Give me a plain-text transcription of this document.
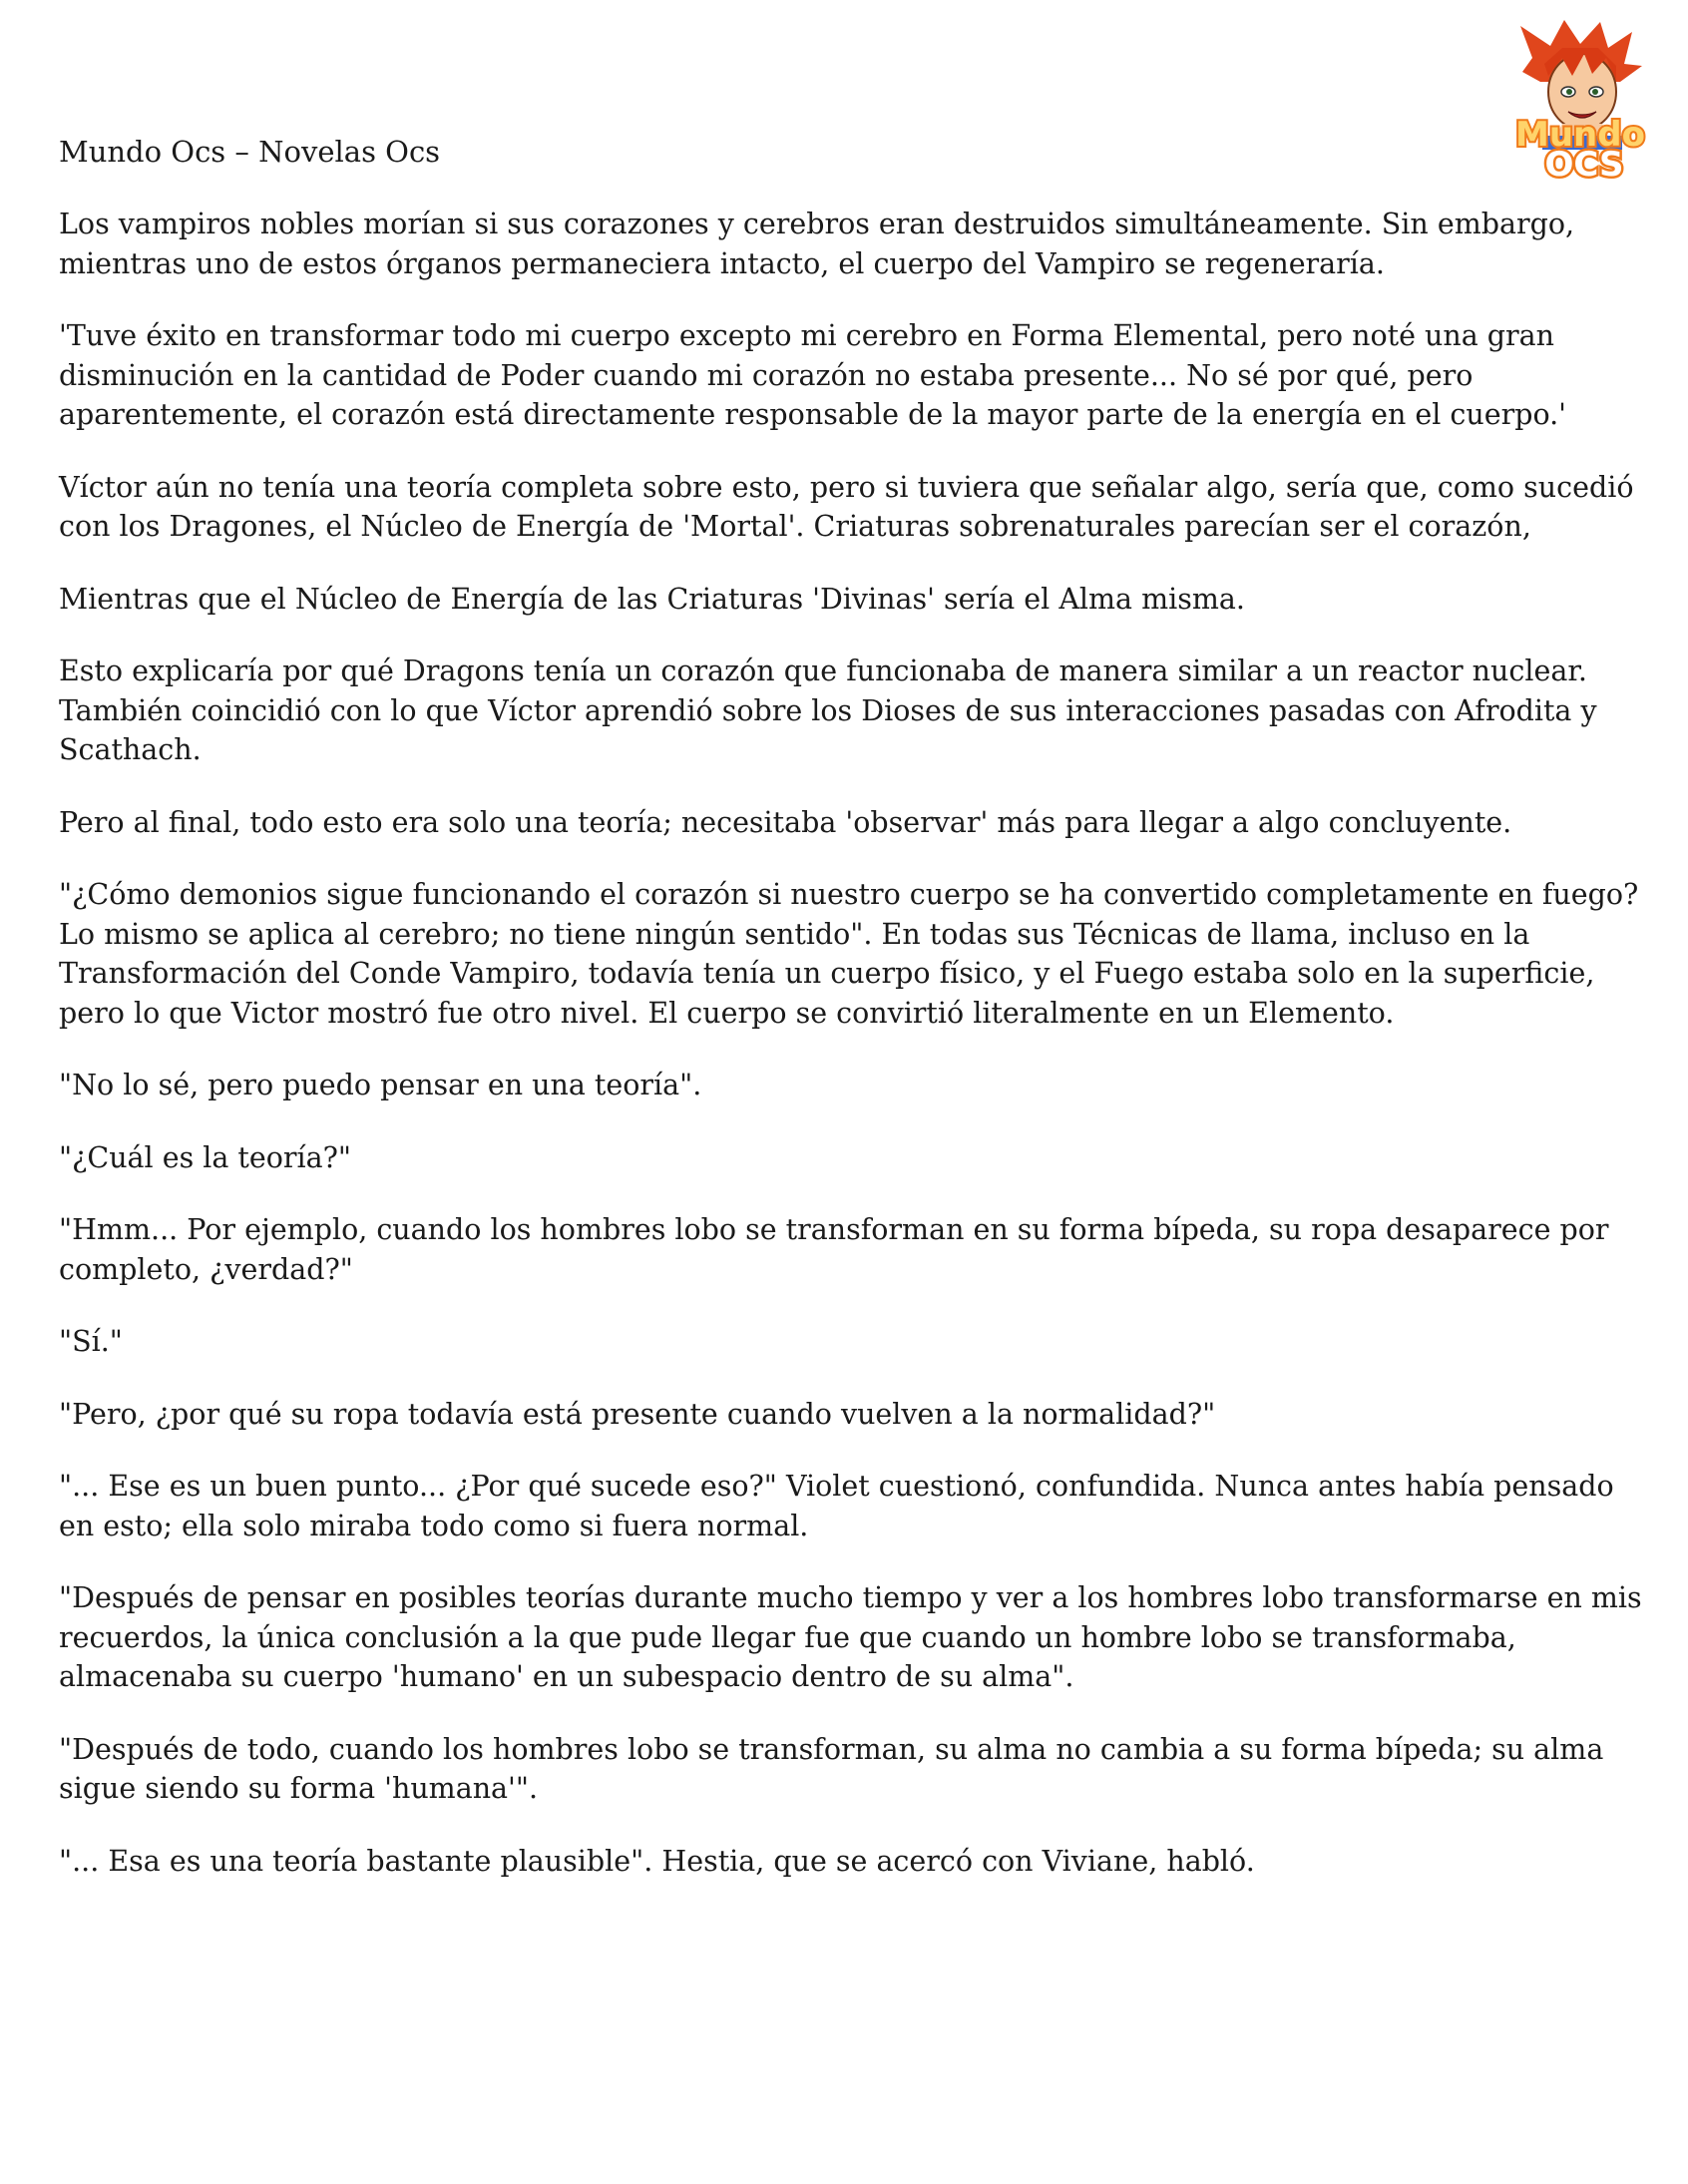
Mundo
OCS
Mundo Ocs – Novelas Ocs

Los vampiros nobles morían si sus corazones y cerebros eran destruidos simultáneamente. Sin embargo, mientras uno de estos órganos permaneciera intacto, el cuerpo del Vampiro se regeneraría.

'Tuve éxito en transformar todo mi cuerpo excepto mi cerebro en Forma Elemental, pero noté una gran disminución en la cantidad de Poder cuando mi corazón no estaba presente... No sé por qué, pero aparentemente, el corazón está directamente responsable de la mayor parte de la energía en el cuerpo.'

Víctor aún no tenía una teoría completa sobre esto, pero si tuviera que señalar algo, sería que, como sucedió con los Dragones, el Núcleo de Energía de 'Mortal'. Criaturas sobrenaturales parecían ser el corazón,

Mientras que el Núcleo de Energía de las Criaturas 'Divinas' sería el Alma misma.

Esto explicaría por qué Dragons tenía un corazón que funcionaba de manera similar a un reactor nuclear. También coincidió con lo que Víctor aprendió sobre los Dioses de sus interacciones pasadas con Afrodita y Scathach.

Pero al final, todo esto era solo una teoría; necesitaba 'observar' más para llegar a algo concluyente.

"¿Cómo demonios sigue funcionando el corazón si nuestro cuerpo se ha convertido completamente en fuego? Lo mismo se aplica al cerebro; no tiene ningún sentido". En todas sus Técnicas de llama, incluso en la Transformación del Conde Vampiro, todavía tenía un cuerpo físico, y el Fuego estaba solo en la superficie, pero lo que Victor mostró fue otro nivel. El cuerpo se convirtió literalmente en un Elemento.

"No lo sé, pero puedo pensar en una teoría".

"¿Cuál es la teoría?"

"Hmm... Por ejemplo, cuando los hombres lobo se transforman en su forma bípeda, su ropa desaparece por completo, ¿verdad?"

"Sí."

"Pero, ¿por qué su ropa todavía está presente cuando vuelven a la normalidad?"

"... Ese es un buen punto... ¿Por qué sucede eso?" Violet cuestionó, confundida. Nunca antes había pensado en esto; ella solo miraba todo como si fuera normal.

"Después de pensar en posibles teorías durante mucho tiempo y ver a los hombres lobo transformarse en mis recuerdos, la única conclusión a la que pude llegar fue que cuando un hombre lobo se transformaba, almacenaba su cuerpo 'humano' en un subespacio dentro de su alma".

"Después de todo, cuando los hombres lobo se transforman, su alma no cambia a su forma bípeda; su alma sigue siendo su forma 'humana'".

"... Esa es una teoría bastante plausible". Hestia, que se acercó con Viviane, habló.
